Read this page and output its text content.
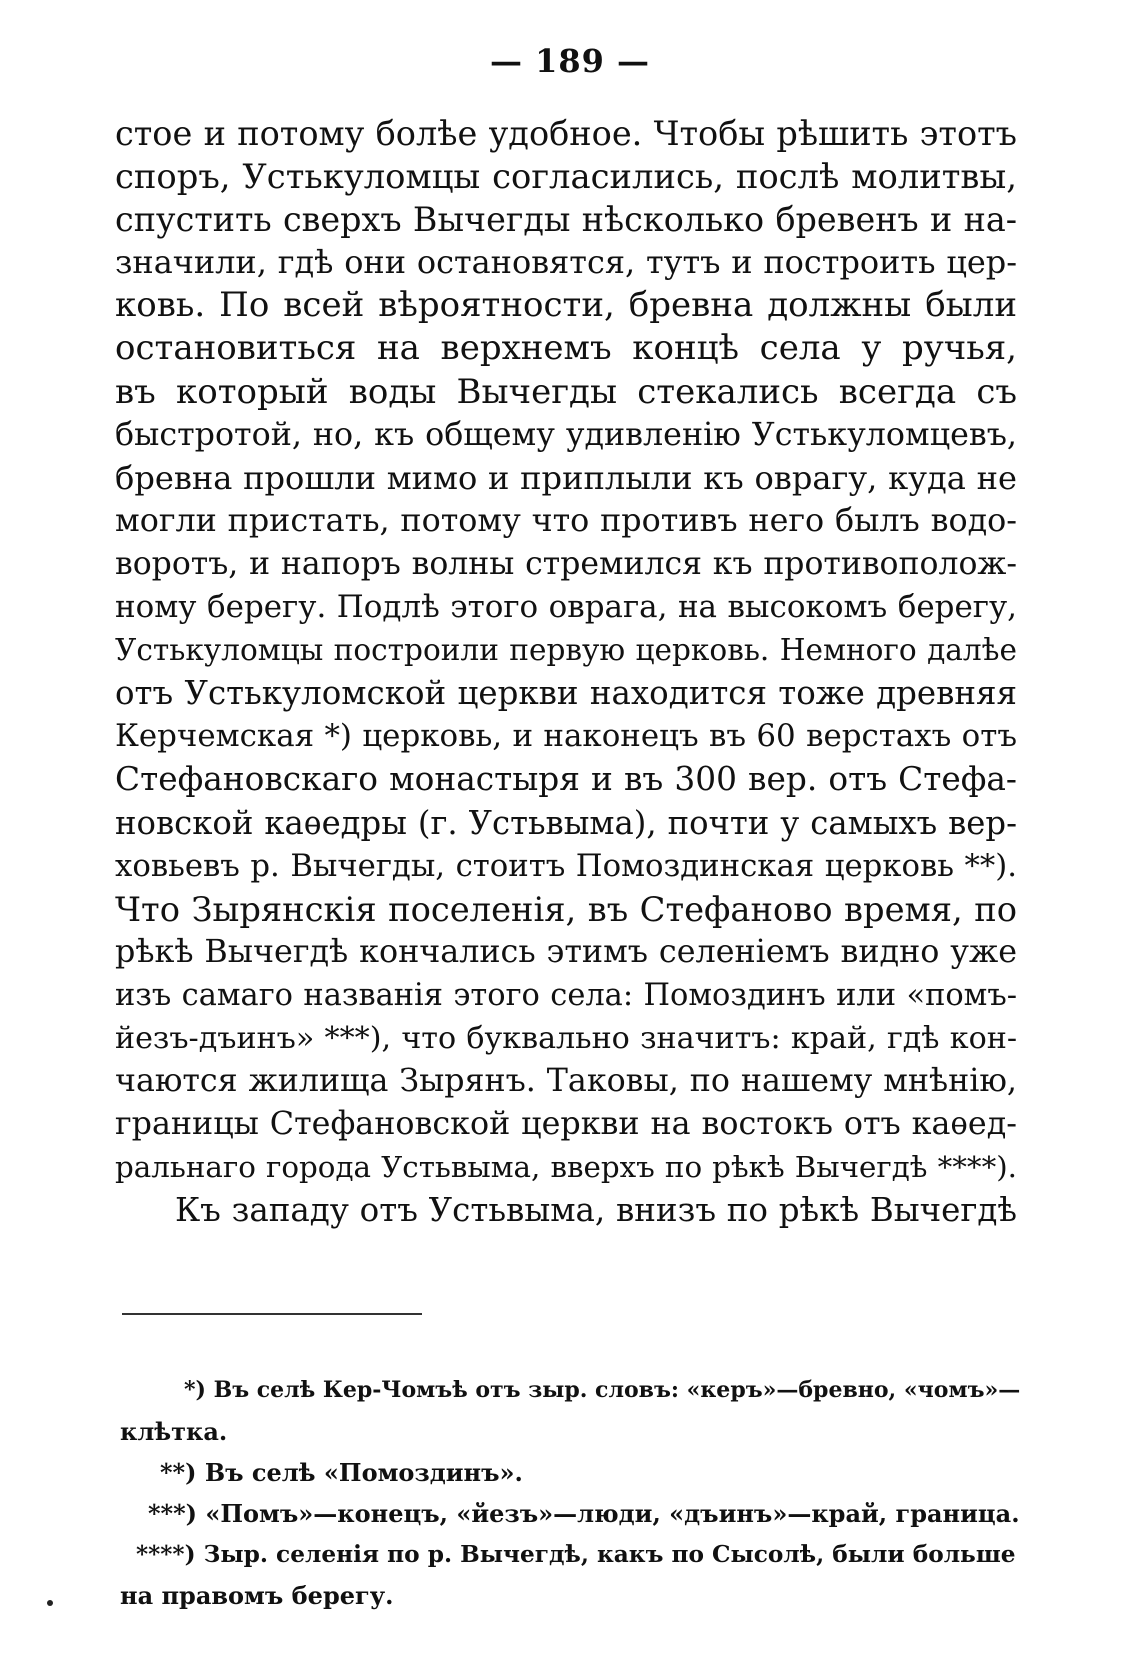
— 189 —
стое и потому болѣе удобное. Чтобы рѣшить этотъ
споръ, Устькуломцы согласились, послѣ молитвы,
спустить сверхъ Вычегды нѣсколько бревенъ и на-
значили, гдѣ они остановятся, тутъ и построить цер-
ковь. По всей вѣроятности, бревна должны были
остановиться на верхнемъ концѣ села у ручья,
въ который воды Вычегды стекались всегда съ
быстротой, но, къ общему удивленію Устькуломцевъ,
бревна прошли мимо и приплыли къ оврагу, куда не
могли пристать, потому что противъ него былъ водо-
воротъ, и напоръ волны стремился къ противополож-
ному берегу. Подлѣ этого оврага, на высокомъ берегу,
Устькуломцы построили первую церковь. Немного далѣе
отъ Устькуломской церкви находится тоже древняя
Керчемская *) церковь, и наконецъ въ 60 верстахъ отъ
Стефановскаго монастыря и въ 300 вер. отъ Стефа-
новской каѳедры (г. Устьвыма), почти у самыхъ вер-
ховьевъ р. Вычегды, стоитъ Помоздинская церковь **).
Что Зырянскія поселенія, въ Стефаново время, по
рѣкѣ Вычегдѣ кончались этимъ селеніемъ видно уже
изъ самаго названія этого села: Помоздинъ или «помъ-
йезъ-дъинъ» ***), что буквально значитъ: край, гдѣ кон-
чаются жилища Зырянъ. Таковы, по нашему мнѣнію,
границы Стефановской церкви на востокъ отъ каѳед-
ральнаго города Устьвыма, вверхъ по рѣкѣ Вычегдѣ ****).
Къ западу отъ Устьвыма, внизъ по рѣкѣ Вычегдѣ
*) Въ селѣ Кер-Чомъѣ отъ зыр. словъ: «керъ»—бревно, «чомъ»—
клѣтка.
**) Въ селѣ «Помоздинъ».
***) «Помъ»—конецъ, «йезъ»—люди, «дъинъ»—край, граница.
****) Зыр. селенія по р. Вычегдѣ, какъ по Сысолѣ, были больше
на правомъ берегу.
